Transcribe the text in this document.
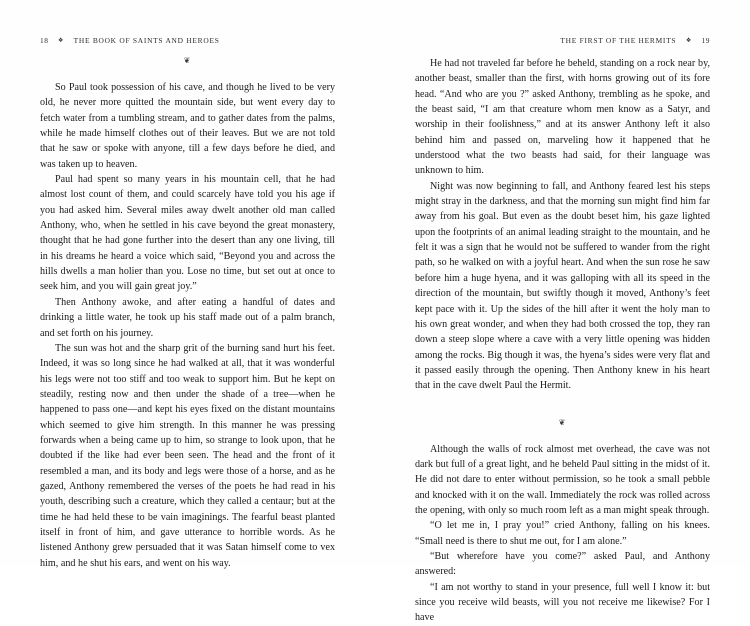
18 ❖ THE BOOK OF SAINTS AND HEROES	THE FIRST OF THE HERMITS ❖ 19
❦

So Paul took possession of his cave, and though he lived to be very old, he never more quitted the mountain side, but went every day to fetch water from a tumbling stream, and to gather dates from the palms, while he made himself clothes out of their leaves. But we are not told that he saw or spoke with anyone, till a few days before he died, and was taken up to heaven.

Paul had spent so many years in his mountain cell, that he had almost lost count of them, and could scarcely have told you his age if you had asked him. Several miles away dwelt another old man called Anthony, who, when he settled in his cave beyond the great monastery, thought that he had gone further into the desert than any one living, till in his dreams he heard a voice which said, “Beyond you and across the hills dwells a man holier than you. Lose no time, but set out at once to seek him, and you will gain great joy.”

Then Anthony awoke, and after eating a handful of dates and drinking a little water, he took up his staff made out of a palm branch, and set forth on his journey.

The sun was hot and the sharp grit of the burning sand hurt his feet. Indeed, it was so long since he had walked at all, that it was wonderful his legs were not too stiff and too weak to support him. But he kept on steadily, resting now and then under the shade of a tree—when he happened to pass one—and kept his eyes fixed on the distant mountains which seemed to give him strength. In this manner he was pressing forwards when a being came up to him, so strange to look upon, that he doubted if the like had ever been seen. The head and the front of it resembled a man, and its body and legs were those of a horse, and as he gazed, Anthony remembered the verses of the poets he had read in his youth, describing such a creature, which they called a centaur; but at the time he had held these to be vain imaginings. The fearful beast planted itself in front of him, and gave utterance to horrible words. As he listened Anthony grew persuaded that it was Satan himself come to vex him, and he shut his ears, and went on his way.

He had not traveled far before he beheld, standing on a rock near by, another beast, smaller than the first, with horns growing out of its fore head. “And who are you ?” asked Anthony, trembling as he spoke, and the beast said, “I am that creature whom men know as a Satyr, and worship in their foolishness,” and at its answer Anthony left it also behind him and passed on, marveling how it happened that he understood what the two beasts had said, for their language was unknown to him.

Night was now beginning to fall, and Anthony feared lest his steps might stray in the darkness, and that the morning sun might find him far away from his goal. But even as the doubt beset him, his gaze lighted upon the footprints of an animal leading straight to the mountain, and he felt it was a sign that he would not be suffered to wander from the right path, so he walked on with a joyful heart. And when the sun rose he saw before him a huge hyena, and it was galloping with all its speed in the direction of the mountain, but swiftly though it moved, Anthony’s feet kept pace with it. Up the sides of the hill after it went the holy man to his own great wonder, and when they had both crossed the top, they ran down a steep slope where a cave with a very little opening was hidden among the rocks. Big though it was, the hyena’s sides were very flat and it passed easily through the opening. Then Anthony knew in his heart that in the cave dwelt Paul the Hermit.

❦

Although the walls of rock almost met overhead, the cave was not dark but full of a great light, and he beheld Paul sitting in the midst of it. He did not dare to enter without permission, so he took a small pebble and knocked with it on the wall. Immediately the rock was rolled across the opening, with only so much room left as a man might speak through.

“O let me in, I pray you!” cried Anthony, falling on his knees. “Small need is there to shut me out, for I am alone.”

“But wherefore have you come?” asked Paul, and Anthony answered:

“I am not worthy to stand in your presence, full well I know it: but since you receive wild beasts, will you not receive me likewise? For I have
